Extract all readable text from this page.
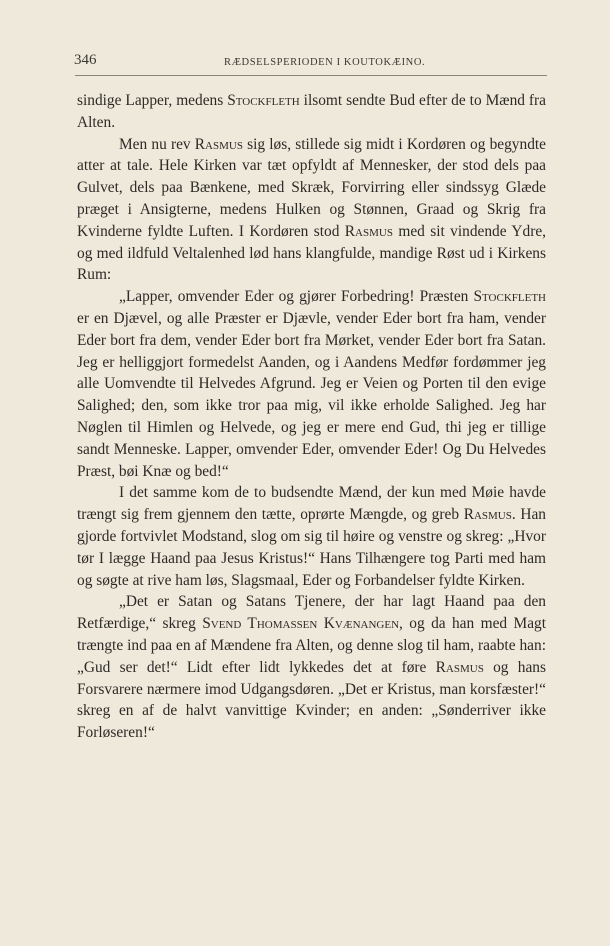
346	RÆDSELSPERIODEN I KOUTOKÆINO.

sindige Lapper, medens Stockfleth ilsomt sendte Bud efter de to Mænd fra Alten.

Men nu rev Rasmus sig løs, stillede sig midt i Kordøren og begyndte atter at tale. Hele Kirken var tæt opfyldt af Mennesker, der stod dels paa Gulvet, dels paa Bænkene, med Skræk, Forvirring eller sindssyg Glæde præget i Ansigterne, medens Hulken og Stønnen, Graad og Skrig fra Kvinderne fyldte Luften. I Kordøren stod Rasmus med sit vindende Ydre, og med ildfuld Veltalenhed lød hans klangfulde, mandige Røst ud i Kirkens Rum:

„Lapper, omvender Eder og gjører Forbedring! Præsten Stockfleth er en Djævel, og alle Præster er Djævle, vender Eder bort fra ham, vender Eder bort fra dem, vender Eder bort fra Mørket, vender Eder bort fra Satan. Jeg er helliggjort formedelst Aanden, og i Aandens Medfør fordømmer jeg alle Uomvendte til Helvedes Afgrund. Jeg er Veien og Porten til den evige Salighed; den, som ikke tror paa mig, vil ikke erholde Salighed. Jeg har Nøglen til Himlen og Helvede, og jeg er mere end Gud, thi jeg er tillige sandt Menneske. Lapper, omvender Eder, omvender Eder! Og Du Helvedes Præst, bøi Knæ og bed!“

I det samme kom de to budsendte Mænd, der kun med Møie havde trængt sig frem gjennem den tætte, oprørte Mængde, og greb Rasmus. Han gjorde fortvivlet Modstand, slog om sig til høire og venstre og skreg: „Hvor tør I lægge Haand paa Jesus Kristus!“ Hans Tilhængere tog Parti med ham og søgte at rive ham løs, Slagsmaal, Eder og Forbandelser fyldte Kirken.

„Det er Satan og Satans Tjenere, der har lagt Haand paa den Retfærdige,“ skreg Svend Thomassen Kvænangen, og da han med Magt trængte ind paa en af Mændene fra Alten, og denne slog til ham, raabte han: „Gud ser det!“ Lidt efter lidt lykkedes det at føre Rasmus og hans Forsvarere nærmere imod Udgangsdøren. „Det er Kristus, man korsfæster!“ skreg en af de halvt vanvittige Kvinder; en anden: „Sønderriver ikke Forløseren!“
